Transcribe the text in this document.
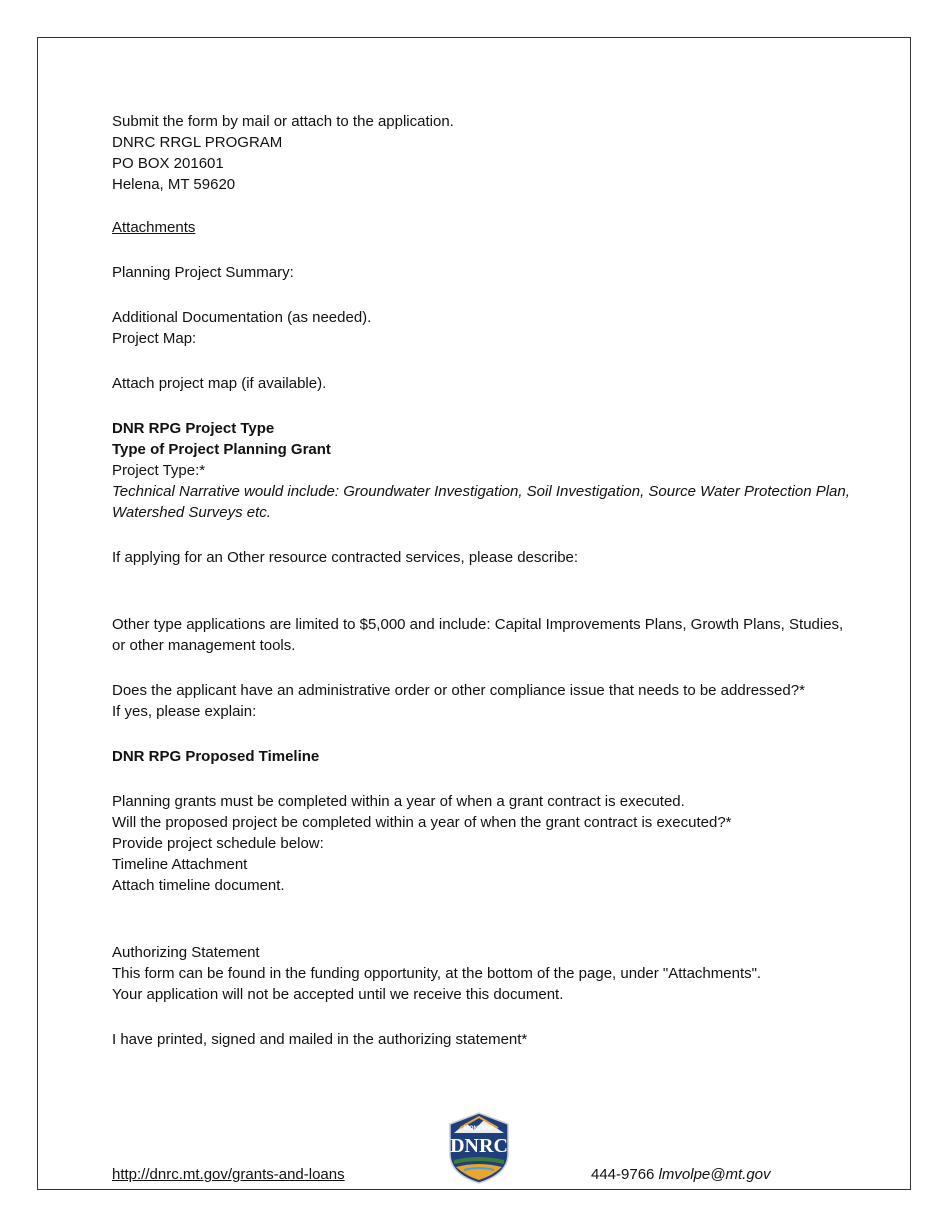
Submit the form by mail or attach to the application.

DNRC RRGL PROGRAM

PO BOX 201601

Helena, MT 59620

Attachments

Planning Project Summary:

Additional Documentation (as needed).

Project Map:

Attach project map (if available).

DNR RPG Project Type

Type of Project Planning Grant

Project Type:*

Technical Narrative would include: Groundwater Investigation, Soil Investigation, Source Water Protection Plan, Watershed Surveys etc.

If applying for an Other resource contracted services, please describe:

Other type applications are limited to $5,000 and include: Capital Improvements Plans, Growth Plans, Studies, or other management tools.

Does the applicant have an administrative order or other compliance issue that needs to be addressed?*

If yes, please explain:

DNR RPG Proposed Timeline

Planning grants must be completed within a year of when a grant contract is executed.

Will the proposed project be completed within a year of when the grant contract is executed?*

Provide project schedule below:

Timeline Attachment

Attach timeline document.

Authorizing Statement

This form can be found in the funding opportunity, at the bottom of the page, under "Attachments".

Your application will not be accepted until we receive this document.

I have printed, signed and mailed in the authorizing statement*

http://dnrc.mt.gov/grants-and-loans
MONTANA
DNRC
444-9766 lmvolpe@mt.gov
